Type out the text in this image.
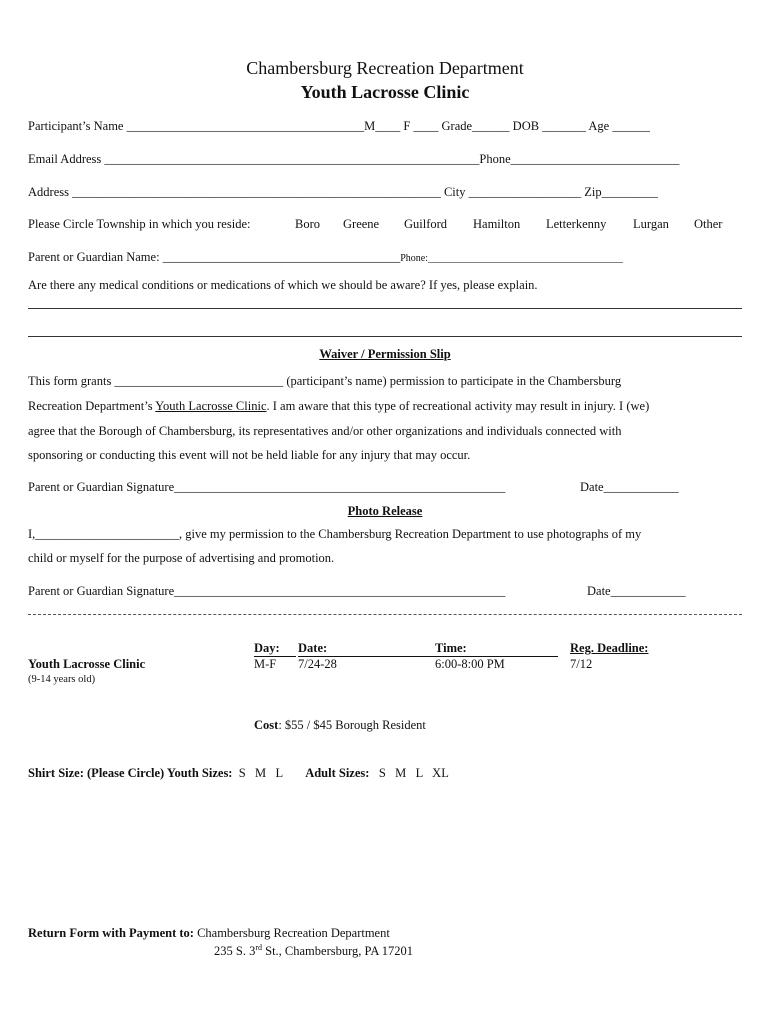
Chambersburg Recreation Department
Youth Lacrosse Clinic
Participant’s Name ______________________________________M____ F ____ Grade______ DOB _______ Age ______
Email Address ____________________________________________________________Phone___________________________
Address ___________________________________________________________ City __________________ Zip_________
Please Circle Township in which you reside:	Boro Greene Guilford Hamilton Letterkenny Lurgan Other
Parent or Guardian Name: ______________________________________Phone:_______________________________________
Are there any medical conditions or medications of which we should be aware? If yes, please explain.
Waiver / Permission Slip
This form grants ___________________________ (participant’s name) permission to participate in the Chambersburg
Recreation Department’s Youth Lacrosse Clinic. I am aware that this type of recreational activity may result in injury. I (we)
agree that the Borough of Chambersburg, its representatives and/or other organizations and individuals connected with
sponsoring or conducting this event will not be held liable for any injury that may occur.
Parent or Guardian Signature_____________________________________________________	Date____________
Photo Release
I,_______________________, give my permission to the Chambersburg Recreation Department to use photographs of my
child or myself for the purpose of advertising and promotion.
Parent or Guardian Signature_____________________________________________________	Date____________
Youth Lacrosse Clinic
(9-14 years old)
Day:	Date:	Time:	Reg. Deadline:
M-F 7/24-28	6:00-8:00 PM	7/12
Cost: $55 / $45 Borough Resident
Shirt Size: (Please Circle) Youth Sizes: S   M   L Adult Sizes: S   M   L   XL
Return Form with Payment to: Chambersburg Recreation Department
235 S. 3rd St., Chambersburg, PA 17201
